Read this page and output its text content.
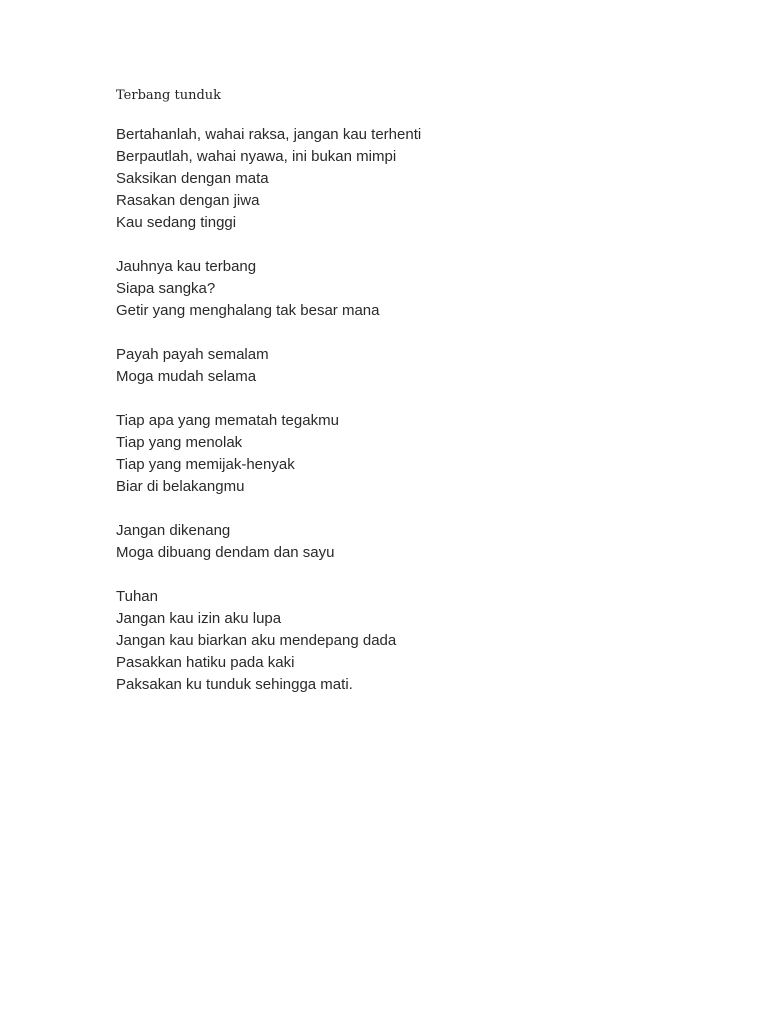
Terbang tunduk
Bertahanlah, wahai raksa, jangan kau terhenti
Berpautlah, wahai nyawa, ini bukan mimpi
Saksikan dengan mata
Rasakan dengan jiwa
Kau sedang tinggi
Jauhnya kau terbang
Siapa sangka?
Getir yang menghalang tak besar mana
Payah payah semalam
Moga mudah selama
Tiap apa yang mematah tegakmu
Tiap yang menolak
Tiap yang memijak-henyak
Biar di belakangmu
Jangan dikenang
Moga dibuang dendam dan sayu
Tuhan
Jangan kau izin aku lupa
Jangan kau biarkan aku mendepang dada
Pasakkan hatiku pada kaki
Paksakan ku tunduk sehingga mati.
